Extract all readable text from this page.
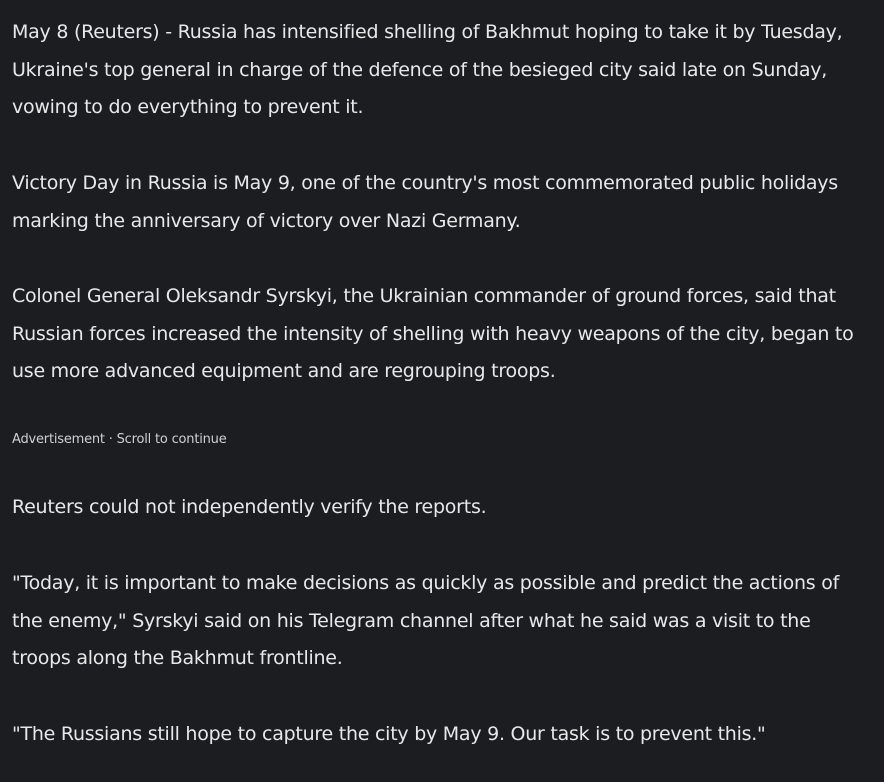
May 8 (Reuters) - Russia has intensified shelling of Bakhmut hoping to take it by Tuesday, Ukraine's top general in charge of the defence of the besieged city said late on Sunday, vowing to do everything to prevent it.

Victory Day in Russia is May 9, one of the country's most commemorated public holidays marking the anniversary of victory over Nazi Germany.

Colonel General Oleksandr Syrskyi, the Ukrainian commander of ground forces, said that Russian forces increased the intensity of shelling with heavy weapons of the city, began to use more advanced equipment and are regrouping troops.

Advertisement · Scroll to continue

Reuters could not independently verify the reports.

"Today, it is important to make decisions as quickly as possible and predict the actions of the enemy," Syrskyi said on his Telegram channel after what he said was a visit to the troops along the Bakhmut frontline.

"The Russians still hope to capture the city by May 9. Our task is to prevent this."
